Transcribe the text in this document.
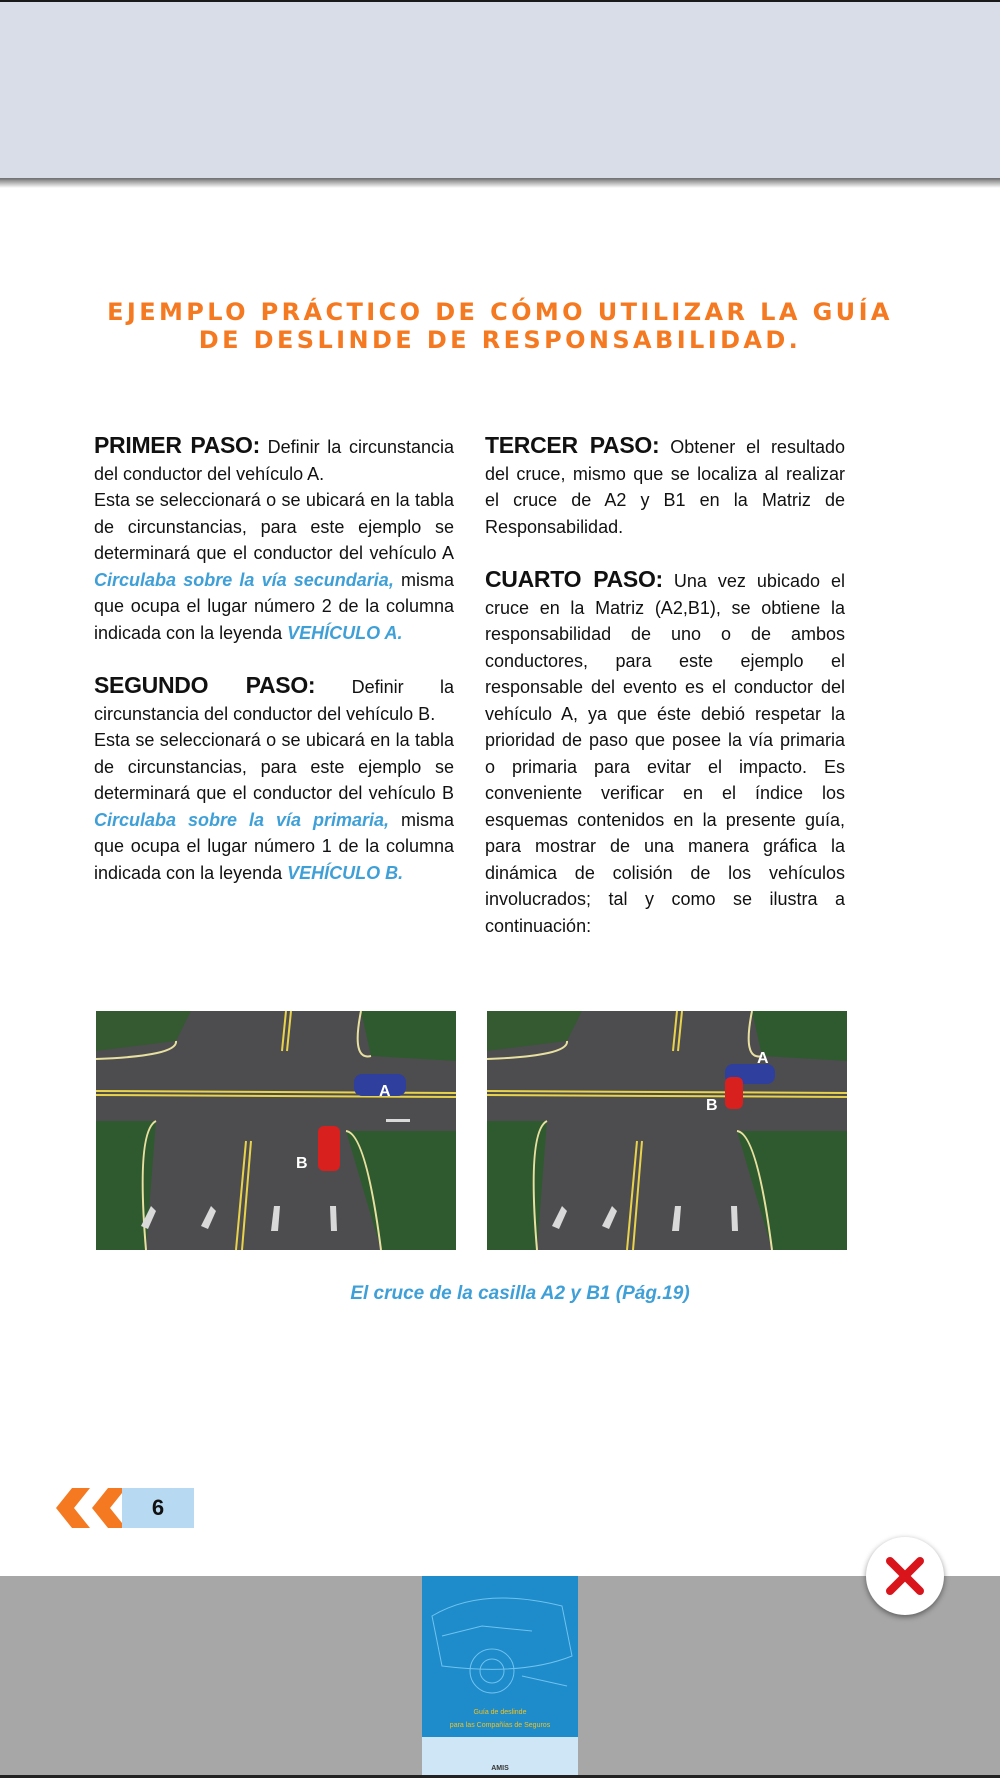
EJEMPLO PRÁCTICO DE CÓMO UTILIZAR LA GUÍA
DE DESLINDE DE RESPONSABILIDAD.

PRIMER PASO: Definir la circunstancia del conductor del vehículo A.

Esta se seleccionará o se ubicará en la tabla de circunstancias, para este ejemplo se determinará que el conductor del vehículo A Circulaba sobre la vía secundaria, misma que ocupa el lugar número 2 de la columna indicada con la leyenda VEHÍCULO A.

SEGUNDO PASO: Definir la circunstancia del conductor del vehículo B.

Esta se seleccionará o se ubicará en la tabla de circunstancias, para este ejemplo se determinará que el conductor del vehículo B Circulaba sobre la vía primaria, misma que ocupa el lugar número 1 de la columna indicada con la leyenda VEHÍCULO B.

TERCER PASO: Obtener el resultado del cruce, mismo que se localiza al realizar el cruce de A2 y B1 en la Matriz de Responsabilidad.

CUARTO PASO: Una vez ubicado el cruce en la Matriz (A2,B1), se obtiene la responsabilidad de uno o de ambos conductores, para este ejemplo el responsable del evento es el conductor del vehículo A, ya que éste debió respetar la prioridad de paso que posee la vía primaria o primaria para evitar el impacto. Es conveniente verificar en el índice los esquemas contenidos en la presente guía, para mostrar de una manera gráfica la dinámica de colisión de los vehículos involucrados; tal y como se ilustra a continuación:

A
B
A
B
El cruce de la casilla A2 y B1 (Pág.19)
6
Guía de deslinde
para las Compañías de Seguros
AMIS
